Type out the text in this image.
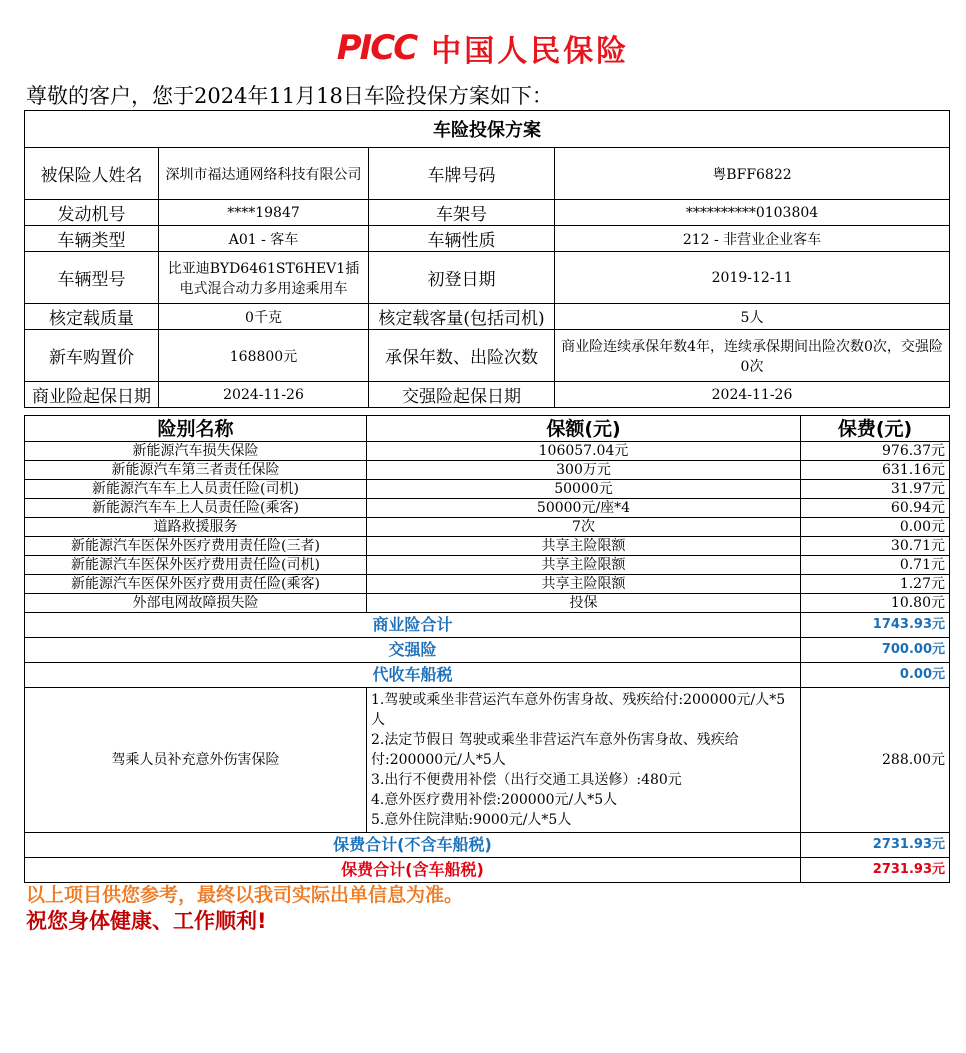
PICC 中国人民保险
尊敬的客户，您于2024年11月18日车险投保方案如下：
车险投保方案			
被保险人姓名	深圳市福达通网络科技有限公司	车牌号码	粤BFF6822
发动机号	****19847	车架号	**********0103804
车辆类型	A01 - 客车	车辆性质	212 - 非营业企业客车
车辆型号	比亚迪BYD6461ST6HEV1插电式混合动力多用途乘用车	初登日期	2019-12-11
核定载质量	0千克	核定载客量(包括司机)	5人
新车购置价	168800元	承保年数、出险次数	商业险连续承保年数4年，连续承保期间出险次数0次，交强险0次
商业险起保日期	2024-11-26	交强险起保日期	2024-11-26
险别名称	保额(元)	保费(元)
新能源汽车损失保险	106057.04元	976.37元
新能源汽车第三者责任保险	300万元	631.16元
新能源汽车车上人员责任险(司机)	50000元	31.97元
新能源汽车车上人员责任险(乘客)	50000元/座*4	60.94元
道路救援服务	7次	0.00元
新能源汽车医保外医疗费用责任险(三者)	共享主险限额	30.71元
新能源汽车医保外医疗费用责任险(司机)	共享主险限额	0.71元
新能源汽车医保外医疗费用责任险(乘客)	共享主险限额	1.27元
外部电网故障损失险	投保	10.80元
商业险合计		1743.93元
交强险		700.00元
代收车船税		0.00元
驾乘人员补充意外伤害保险	1.驾驶或乘坐非营运汽车意外伤害身故、残疾给付:200000元/人*5人
2.法定节假日 驾驶或乘坐非营运汽车意外伤害身故、残疾给付:200000元/人*5人
3.出行不便费用补偿（出行交通工具送修）:480元
4.意外医疗费用补偿:200000元/人*5人
5.意外住院津贴:9000元/人*5人	288.00元
保费合计(不含车船税)		2731.93元
保费合计(含车船税)		2731.93元
以上项目供您参考，最终以我司实际出单信息为准。
祝您身体健康、工作顺利!
